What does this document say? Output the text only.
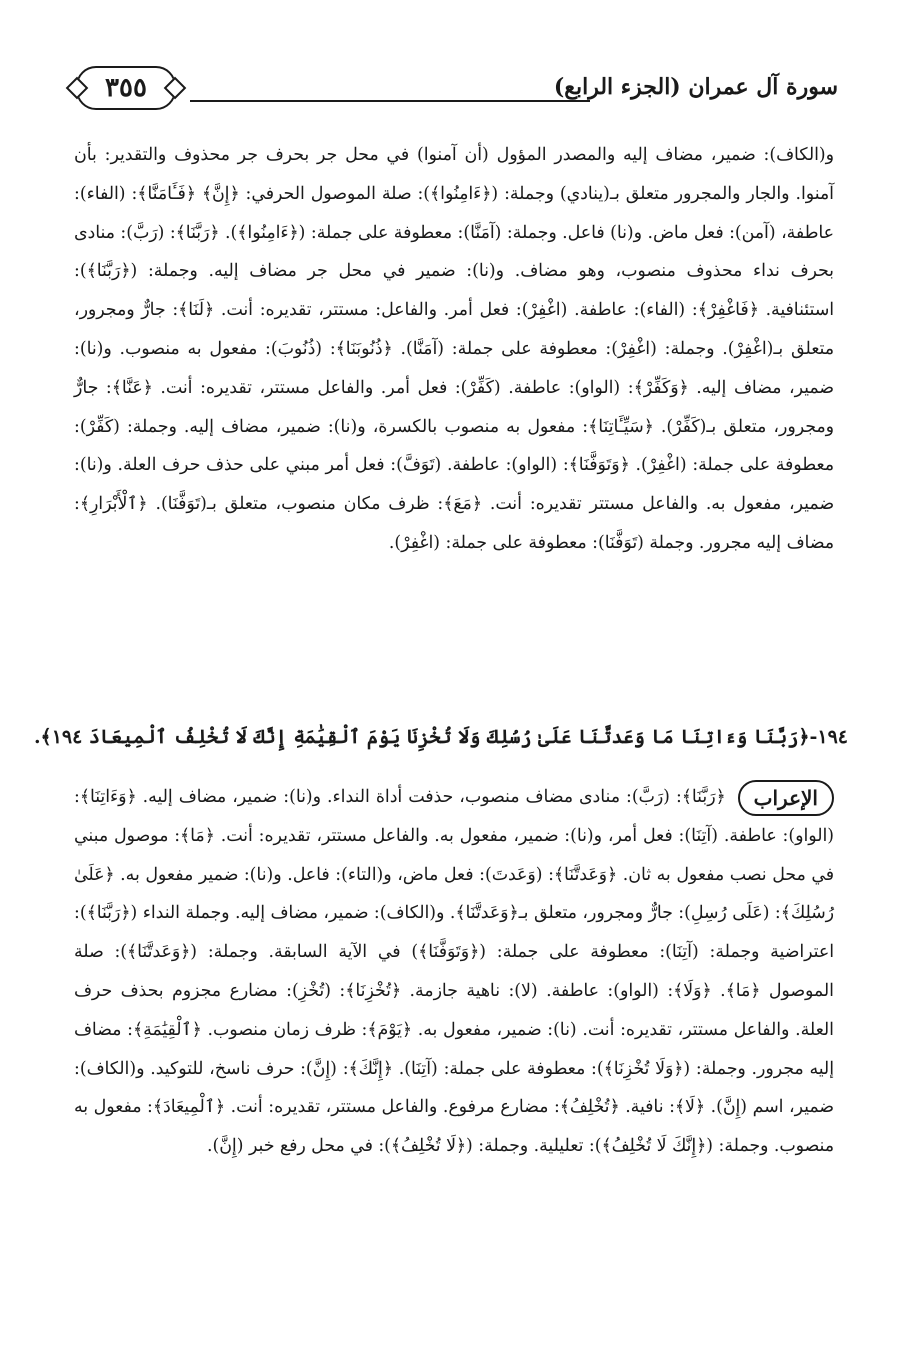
٣٥٥	سورة آل عمران (الجزء الرابع)

و(الكاف): ضمير، مضاف إليه والمصدر المؤول (أن آمنوا) في محل جر بحرف جر محذوف والتقدير: بأن آمنوا. والجار والمجرور متعلق بـ(ينادي) وجملة: (﴿ءَامِنُوا﴾): صلة الموصول الحرفي: ﴿إِنَّ﴾ ﴿فَـَٔامَنَّا﴾: (الفاء): عاطفة، (آمن): فعل ماض. و(نا) فاعل. وجملة: (آمَنَّا): معطوفة على جملة: (﴿ءَامِنُوا﴾). ﴿رَبَّنَا﴾: (رَبَّ): منادى بحرف نداء محذوف منصوب، وهو مضاف. و(نا): ضمير في محل جر مضاف إليه. وجملة: (﴿رَبَّنَا﴾): استئنافية. ﴿فَاغْفِرْ﴾: (الفاء): عاطفة. (اغْفِرْ): فعل أمر. والفاعل: مستتر، تقديره: أنت. ﴿لَنَا﴾: جارٌّ ومجرور، متعلق بـ(اغْفِرْ). وجملة: (اغْفِرْ): معطوفة على جملة: (آمَنَّا). ﴿ذُنُوبَنَا﴾: (ذُنُوبَ): مفعول به منصوب. و(نا): ضمير، مضاف إليه. ﴿وَكَفِّرْ﴾: (الواو): عاطفة. (كَفِّرْ): فعل أمر. والفاعل مستتر، تقديره: أنت. ﴿عَنَّا﴾: جارٌّ ومجرور، متعلق بـ(كَفِّرْ). ﴿سَيِّـَٔاتِنَا﴾: مفعول به منصوب بالكسرة، و(نا): ضمير، مضاف إليه. وجملة: (كَفِّرْ): معطوفة على جملة: (اغْفِرْ). ﴿وَتَوَفَّنَا﴾: (الواو): عاطفة. (تَوَفَّ): فعل أمر مبني على حذف حرف العلة. و(نا): ضمير، مفعول به. والفاعل مستتر تقديره: أنت. ﴿مَعَ﴾: ظرف مكان منصوب، متعلق بـ(تَوَفَّنَا). ﴿ٱلْأَبْرَارِ﴾: مضاف إليه مجرور. وجملة (تَوَفَّنَا): معطوفة على جملة: (اغْفِرْ).

١٩٤-﴿رَبَّنَا وَءَاتِنَا مَا وَعَدتَّنَا عَلَىٰ رُسُلِكَ وَلَا تُخْزِنَا يَوْمَ ٱلْقِيَٰمَةِ إِنَّكَ لَا تُخْلِفُ ٱلْمِيعَادَ ١٩٤﴾.
الإعراب

﴿رَبَّنَا﴾: (رَبَّ): منادى مضاف منصوب، حذفت أداة النداء. و(نا): ضمير، مضاف إليه. ﴿وَءَاتِنَا﴾: (الواو): عاطفة. (آتِنَا): فعل أمر، و(نا): ضمير، مفعول به. والفاعل مستتر، تقديره: أنت. ﴿مَا﴾: موصول مبني في محل نصب مفعول به ثان. ﴿وَعَدتَّنَا﴾: (وَعَدتَ): فعل ماض، و(التاء): فاعل. و(نا): ضمير مفعول به. ﴿عَلَىٰ رُسُلِكَ﴾: (عَلَى رُسِلِ): جارٌّ ومجرور، متعلق بـ﴿وَعَدتَّنَا﴾. و(الكاف): ضمير، مضاف إليه. وجملة النداء (﴿رَبَّنَا﴾): اعتراضية وجملة: (آتِنَا): معطوفة على جملة: (﴿وَتَوَفَّنَا﴾) في الآية السابقة. وجملة: (﴿وَعَدتَّنَا﴾): صلة الموصول ﴿مَا﴾. ﴿وَلَا﴾: (الواو): عاطفة. (لا): ناهية جازمة. ﴿تُخْزِنَا﴾: (تُخْزِ): مضارع مجزوم بحذف حرف العلة. والفاعل مستتر، تقديره: أنت. (نا): ضمير، مفعول به. ﴿يَوْمَ﴾: ظرف زمان منصوب. ﴿ٱلْقِيَٰمَةِ﴾: مضاف إليه مجرور. وجملة: (﴿وَلَا تُخْزِنَا﴾): معطوفة على جملة: (آتِنَا). ﴿إِنَّكَ﴾: (إِنَّ): حرف ناسخ، للتوكيد. و(الكاف): ضمير، اسم (إِنَّ). ﴿لَا﴾: نافية. ﴿تُخْلِفُ﴾: مضارع مرفوع. والفاعل مستتر، تقديره: أنت. ﴿ٱلْمِيعَادَ﴾: مفعول به منصوب. وجملة: (﴿إِنَّكَ لَا تُخْلِفُ﴾): تعليلية. وجملة: (﴿لَا تُخْلِفُ﴾): في محل رفع خبر (إِنَّ).
